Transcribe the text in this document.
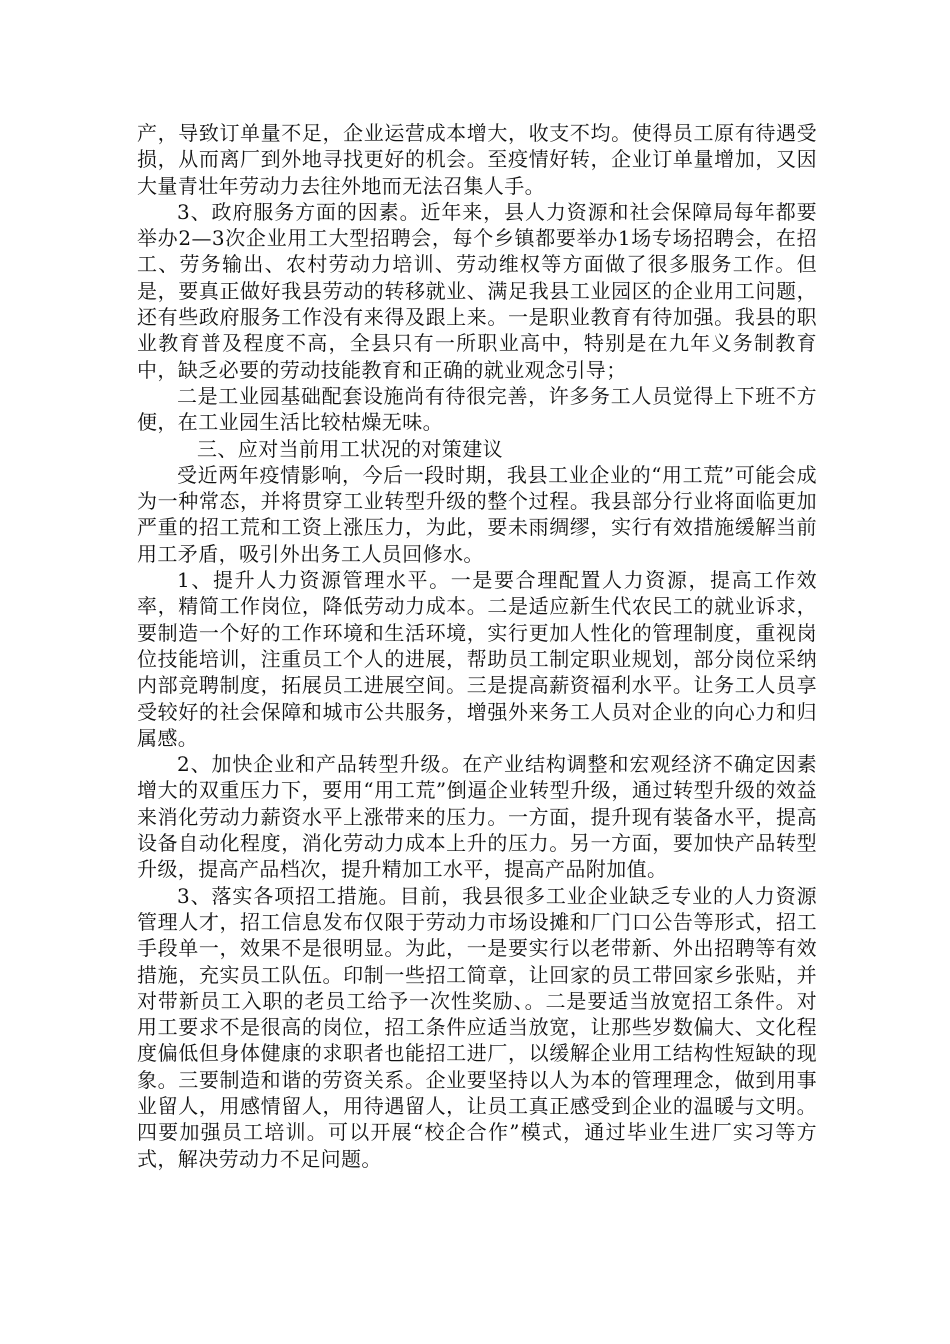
产，导致订单量不足，企业运营成本增大，收支不均。使得员工原有待遇受损，从而离厂到外地寻找更好的机会。至疫情好转，企业订单量增加，又因大量青壮年劳动力去往外地而无法召集人手。

3、政府服务方面的因素。近年来，县人力资源和社会保障局每年都要举办2—3次企业用工大型招聘会，每个乡镇都要举办1场专场招聘会，在招工、劳务输出、农村劳动力培训、劳动维权等方面做了很多服务工作。但是，要真正做好我县劳动的转移就业、满足我县工业园区的企业用工问题，还有些政府服务工作没有来得及跟上来。一是职业教育有待加强。我县的职业教育普及程度不高，全县只有一所职业高中，特别是在九年义务制教育中，缺乏必要的劳动技能教育和正确的就业观念引导；

二是工业园基础配套设施尚有待很完善，许多务工人员觉得上下班不方便，在工业园生活比较枯燥无味。

三、应对当前用工状况的对策建议

受近两年疫情影响，今后一段时期，我县工业企业的“用工荒”可能会成为一种常态，并将贯穿工业转型升级的整个过程。我县部分行业将面临更加严重的招工荒和工资上涨压力，为此，要未雨绸缪，实行有效措施缓解当前用工矛盾，吸引外出务工人员回修水。

1、提升人力资源管理水平。一是要合理配置人力资源，提高工作效率，精简工作岗位，降低劳动力成本。二是适应新生代农民工的就业诉求，要制造一个好的工作环境和生活环境，实行更加人性化的管理制度，重视岗位技能培训，注重员工个人的进展，帮助员工制定职业规划，部分岗位采纳内部竞聘制度，拓展员工进展空间。三是提高薪资福利水平。让务工人员享受较好的社会保障和城市公共服务，增强外来务工人员对企业的向心力和归属感。

2、加快企业和产品转型升级。在产业结构调整和宏观经济不确定因素增大的双重压力下，要用“用工荒”倒逼企业转型升级，通过转型升级的效益来消化劳动力薪资水平上涨带来的压力。一方面，提升现有装备水平，提高设备自动化程度，消化劳动力成本上升的压力。另一方面，要加快产品转型升级，提高产品档次，提升精加工水平，提高产品附加值。

3、落实各项招工措施。目前，我县很多工业企业缺乏专业的人力资源管理人才，招工信息发布仅限于劳动力市场设摊和厂门口公告等形式，招工手段单一，效果不是很明显。为此，一是要实行以老带新、外出招聘等有效措施，充实员工队伍。印制一些招工简章，让回家的员工带回家乡张贴，并对带新员工入职的老员工给予一次性奖励、。二是要适当放宽招工条件。对用工要求不是很高的岗位，招工条件应适当放宽，让那些岁数偏大、文化程度偏低但身体健康的求职者也能招工进厂，以缓解企业用工结构性短缺的现象。三要制造和谐的劳资关系。企业要坚持以人为本的管理理念，做到用事业留人，用感情留人，用待遇留人，让员工真正感受到企业的温暖与文明。四要加强员工培训。可以开展“校企合作”模式，通过毕业生进厂实习等方式，解决劳动力不足问题。
